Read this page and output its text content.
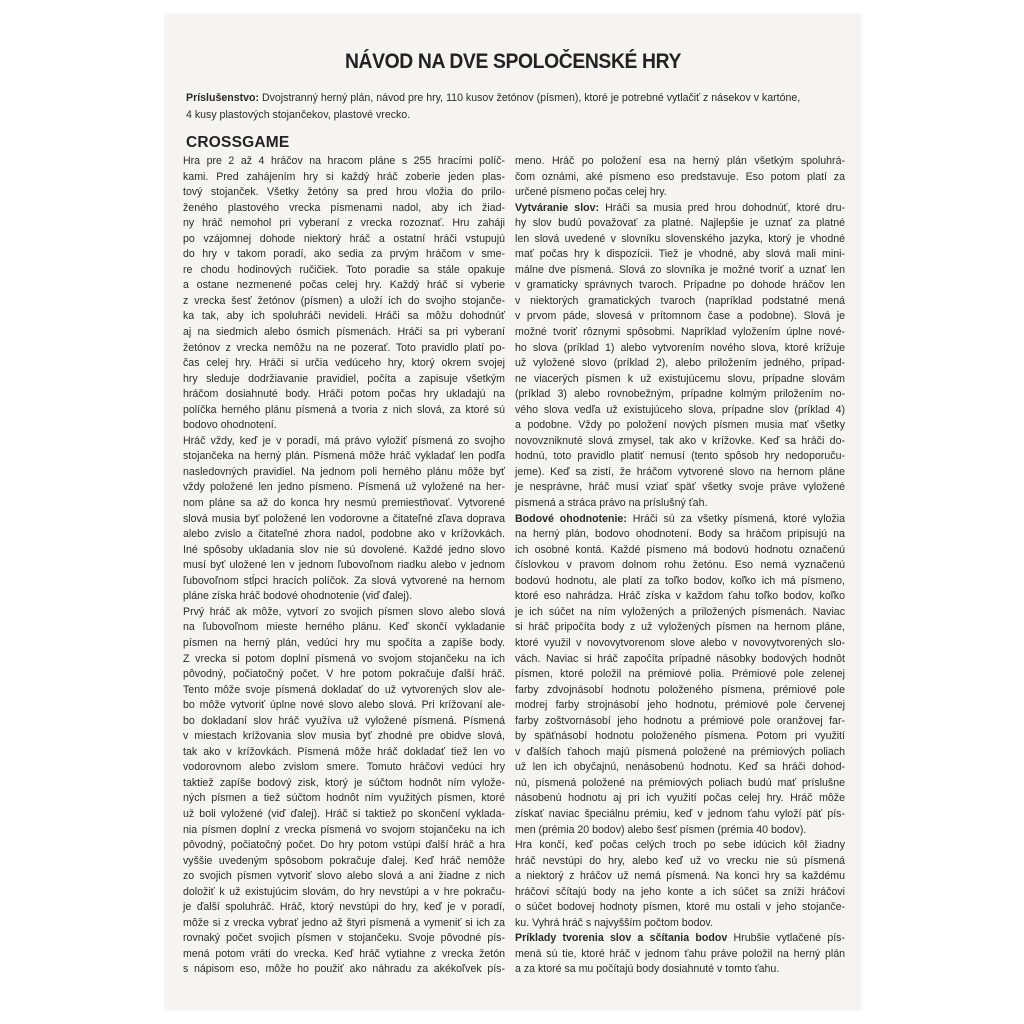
NÁVOD NA DVE SPOLOČENSKÉ HRY
Príslušenstvo: Dvojstranný herný plán, návod pre hry, 110 kusov žetónov (písmen), ktoré je potrebné vytlačiť z násekov v kartóne,
4 kusy plastových stojančekov, plastové vrecko.
CROSSGAME
Hra pre 2 až 4 hráčov na hracom pláne s 255 hracími políč-
kami. Pred zahájením hry si každý hráč zoberie jeden plas-
tový stojanček. Všetky žetóny sa pred hrou vložia do prilo-
ženého plastového vrecka písmenami nadol, aby ich žiad-
ny hráč nemohol pri vyberaní z vrecka rozoznať. Hru zaháji
po vzájomnej dohode niektorý hráč a ostatní hráči vstupujú
do hry v takom poradí, ako sedia za prvým hráčom v sme-
re chodu hodinových ručičiek. Toto poradie sa stále opakuje
a ostane nezmenené počas celej hry. Každý hráč si vyberie
z vrecka šesť žetónov (písmen) a uloží ich do svojho stojanče-
ka tak, aby ich spoluhráči nevideli. Hráči sa môžu dohodnúť
aj na siedmich alebo ósmich písmenách. Hráči sa pri vyberaní
žetónov z vrecka nemôžu na ne pozerať. Toto pravidlo platí po-
čas celej hry. Hráči si určia vedúceho hry, ktorý okrem svojej
hry sleduje dodržiavanie pravidiel, počíta a zapisuje všetkým
hráčom dosiahnuté body. Hráči potom počas hry ukladajú na
políčka herného plánu písmená a tvoria z nich slová, za ktoré sú
bodovo ohodnotení.
Hráč vždy, keď je v poradí, má právo vyložiť písmená zo svojho
stojančeka na herný plán. Písmená môže hráč vykladať len podľa
nasledovných pravidiel. Na jednom poli herného plánu môže byť
vždy položené len jedno písmeno. Písmená už vyložené na her-
nom pláne sa až do konca hry nesmú premiestňovať. Vytvorené
slová musia byť položené len vodorovne a čitateľné zľava doprava
alebo zvislo a čitateľné zhora nadol, podobne ako v krížovkách.
Iné spôsoby ukladania slov nie sú dovolené. Každé jedno slovo
musí byť uložené len v jednom ľubovoľnom riadku alebo v jednom
ľubovoľnom stĺpci hracích políčok. Za slová vytvorené na hernom
pláne získa hráč bodové ohodnotenie (viď ďalej).
Prvý hráč ak môže, vytvorí zo svojich písmen slovo alebo slová
na ľubovoľnom mieste herného plánu. Keď skončí vykladanie
písmen na herný plán, vedúci hry mu spočíta a zapíše body.
Z vrecka si potom doplní písmená vo svojom stojančeku na ich
pôvodný, počiatočný počet. V hre potom pokračuje ďalší hráč.
Tento môže svoje písmená dokladať do už vytvorených slov ale-
bo môže vytvoriť úplne nové slovo alebo slová. Pri krížovaní ale-
bo dokladaní slov hráč využíva už vyložené písmená. Písmená
v miestach krížovania slov musia byť zhodné pre obidve slová,
tak ako v krížovkách. Písmená môže hráč dokladať tiež len vo
vodorovnom alebo zvislom smere. Tomuto hráčovi vedúci hry
taktiež zapíše bodový zisk, ktorý je súčtom hodnôt ním vylože-
ných písmen a tiež súčtom hodnôt ním využitých písmen, ktoré
už boli vyložené (viď ďalej). Hráč si taktiež po skončení vyklada-
nia písmen doplní z vrecka písmená vo svojom stojančeku na ich
pôvodný, počiatočný počet. Do hry potom vstúpi ďalší hráč a hra
vyššie uvedeným spôsobom pokračuje ďalej. Keď hráč nemôže
zo svojich písmen vytvoriť slovo alebo slová a ani žiadne z nich
doložiť k už existujúcim slovám, do hry nevstúpi a v hre pokraču-
je ďalší spoluhráč. Hráč, ktorý nevstúpi do hry, keď je v poradí,
môže si z vrecka vybrať jedno až štyri písmená a vymeniť si ich za
rovnaký počet svojich písmen v stojančeku. Svoje pôvodné pís-
mená potom vráti do vrecka. Keď hráč vytiahne z vrecka žetón
s nápisom eso, môže ho použiť ako náhradu za akékoľvek pís-
meno. Hráč po položení esa na herný plán všetkým spoluhrá-
čom oznámi, aké písmeno eso predstavuje. Eso potom platí za
určené písmeno počas celej hry.
Vytváranie slov: Hráči sa musia pred hrou dohodnúť, ktoré dru-
hy slov budú považovať za platné. Najlepšie je uznať za platné
len slová uvedené v slovníku slovenského jazyka, ktorý je vhodné
mať počas hry k dispozícii. Tiež je vhodné, aby slová mali mini-
málne dve písmená. Slová zo slovníka je možné tvoriť a uznať len
v gramaticky správnych tvaroch. Prípadne po dohode hráčov len
v niektorých gramatických tvaroch (napríklad podstatné mená
v prvom páde, slovesá v prítomnom čase a podobne). Slová je
možné tvoriť rôznymi spôsobmi. Napríklad vyložením úplne nové-
ho slova (príklad 1) alebo vytvorením nového slova, ktoré križuje
už vyložené slovo (príklad 2), alebo priložením jedného, prípad-
ne viacerých písmen k už existujúcemu slovu, prípadne slovám
(príklad 3) alebo rovnobežným, prípadne kolmým priložením no-
vého slova vedľa už existujúceho slova, prípadne slov (príklad 4)
a podobne. Vždy po položení nových písmen musia mať všetky
novovzniknuté slová zmysel, tak ako v krížovke. Keď sa hráči do-
hodnú, toto pravidlo platiť nemusí (tento spôsob hry nedoporuču-
jeme). Keď sa zistí, že hráčom vytvorené slovo na hernom pláne
je nesprávne, hráč musí vziať späť všetky svoje práve vyložené
písmená a stráca právo na príslušný ťah.
Bodové ohodnotenie: Hráči sú za všetky písmená, ktoré vyložia
na herný plán, bodovo ohodnotení. Body sa hráčom pripisujú na
ich osobné kontá. Každé písmeno má bodovú hodnotu označenú
číslovkou v pravom dolnom rohu žetónu. Eso nemá vyznačenú
bodovú hodnotu, ale platí za toľko bodov, koľko ich má písmeno,
ktoré eso nahrádza. Hráč získa v každom ťahu toľko bodov, koľko
je ich súčet na ním vyložených a priložených písmenách. Naviac
si hráč pripočíta body z už vyložených písmen na hernom pláne,
ktoré využil v novovytvorenom slove alebo v novovytvorených slo-
vách. Naviac si hráč započíta prípadné násobky bodových hodnôt
písmen, ktoré položil na prémiové polia. Prémiové pole zelenej
farby zdvojnásobí hodnotu položeného písmena, prémiové pole
modrej farby strojnásobí jeho hodnotu, prémiové pole červenej
farby zoštvornásobí jeho hodnotu a prémiové pole oranžovej far-
by späťnásobí hodnotu položeného písmena. Potom pri využití
v ďalších ťahoch majú písmená položené na prémiových poliach
už len ich obyčajnú, nenásobenú hodnotu. Keď sa hráči dohod-
nú, písmená položené na prémiových poliach budú mať príslušne
násobenú hodnotu aj pri ich využití počas celej hry. Hráč môže
získať naviac špeciálnu prémiu, keď v jednom ťahu vyloží päť pís-
men (prémia 20 bodov) alebo šesť písmen (prémia 40 bodov).
Hra končí, keď počas celých troch po sebe idúcich kôl žiadny
hráč nevstúpi do hry, alebo keď už vo vrecku nie sú písmená
a niektorý z hráčov už nemá písmená. Na konci hry sa každému
hráčovi sčítajú body na jeho konte a ich súčet sa zníži hráčovi
o súčet bodovej hodnoty písmen, ktoré mu ostali v jeho stojanče-
ku. Vyhrá hráč s najvyšším počtom bodov.
Príklady tvorenia slov a sčítania bodov Hrubšie vytlačené pís-
mená sú tie, ktoré hráč v jednom ťahu práve položil na herný plán
a za ktoré sa mu počítajú body dosiahnuté v tomto ťahu.
